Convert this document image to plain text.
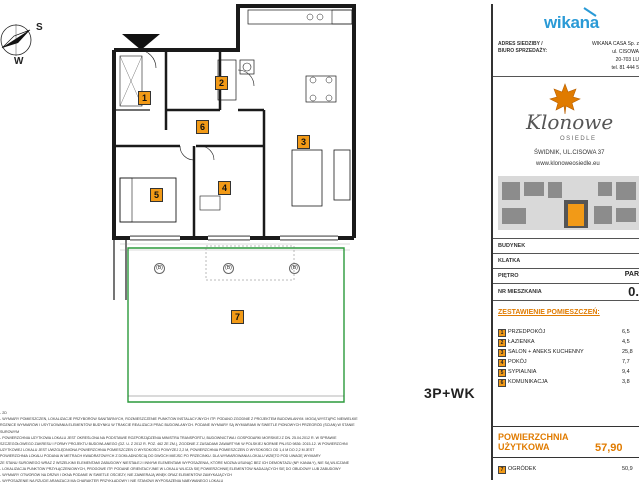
S
W
(B)	(B)	(B)
1
2
3
4
5
6
7
3P+WK

- 2D

- WYMIARY POMIESZCZEŃ, LOKALIZACJE PRZYBORÓW SANITARNYCH, ROZMIESZCZENIE PUNKTÓW INSTALACYJNYCH ITP. PODANO ZGODNIE Z PROJEKTEM BUDOWLANYM. MOGĄ WYSTĄPIĆ NIEWIELKIE

RÓŻNICE WYMIARÓW I USYTUOWANIA ELEMENTÓW BUDYNKU W TRAKCIE REALIZACJI PRAC BUDOWLANYCH. PODANE WYMIARY SĄ WYMIARAMI W ŚWIETLE PIONOWYCH PRZEGRÓD (ŚCIAN) W STANIE

SUROWYM

- POWIERZCHNIA UŻYTKOWA LOKALU JEST OKREŚLONA NA PODSTAWIE ROZPORZĄDZENIA MINISTRA TRANSPORTU, BUDOWNICTWA I GOSPODARKI MORSKIEJ Z DN. 25.04.2012 R. W SPRAWIE

SZCZEGÓŁOWEGO ZAKRESU I FORMY PROJEKTU BUDOWLANEGO (DZ. U. Z 2012 R. POZ. 462 ZE ZM.), ZGODNIE Z ZASADAMI ZAWARTYMI W POLSKIEJ NORMIE PN-ISO 9836: 2015-12. W POWIERZCHNI

UŻYTKOWEJ LOKALU JEST UWZGLĘDNIONA POWIERZCHNIA POMIESZCZEŃ O WYSOKOŚCI POWYŻEJ 2,2 M, POWIERZCHNIA POMIESZCZEŃ O WYSOKOŚCI OD 1,4 M DO 2,2 M JEST

POWIERZCHNIA LOKALU PODANA W METRACH KWADRATOWYCH Z DOKŁADNOŚCIĄ DO DWÓCH MIEJSC PO PRZECINKU. DLA WYMIAROWANIA LOKALU WZIĘTO POD UWAGĘ WYMIARY

ZE STANU SUROWEGO WRAZ Z WSZELKIMI ELEMENTAMI ZABUDOWY NIESTAŁEJ I INNYMI ELEMENTAMI WYPOSAŻENIA, KTÓRE MOŻNA USUNĄĆ BEZ ICH DEMONTAŻU (NP. KANAŁY), NIE SĄ WLICZANE

- LOKALIZACJA PUNKTÓW PRZYŁĄCZENIOWYCH, PROGOWE ITP. PODANE ORIENTACYJNIE W LOKALU WLICZA SIĘ POWIERZCHNIĘ ELEMENTÓW NADAJĄCYCH SIĘ DO OBUDOWY LUB ZABUDOWY

- WYMIARY OTWORÓW NA DRZWI I OKNA PODANE W ŚWIETLE OŚCIEŻY, NIE ZAWIERAJĄ WNĘK ORAZ ELEMENTÓW ZAMYKAJĄCYCH

- WYPOSAŻENIE NA RZUCIE ARANŻACJI MA CHARAKTER PRZYKŁADOWY I NIE STANOWI WYPOSAŻENIA NABYWANEGO LOKALU

wikana
ADRES SIEDZIBY /
BIURO SPRZEDAŻY:
WIKANA CASA Sp. z
ul. CISOWA
20-703 LU
tel. 81 444 5
Klonowe
OSIEDLE
ŚWIDNIK, UL.CISOWA 37
www.klonoweosiedle.eu
BUDYNEK
KLATKA
PIĘTRO	PAR
NR MIESZKANIA	0.
ZESTAWIENIE POMIESZCZEŃ:
1 PRZEDPOKÓJ	6,5
2 ŁAZIENKA	4,5
3 SALON + ANEKS KUCHENNY	25,8
4 POKÓJ	7,7
5 SYPIALNIA	9,4
6 KOMUNIKACJA	3,8
POWIERZCHNIA
UŻYTKOWA	57,90
7 OGRÓDEK	50,9
